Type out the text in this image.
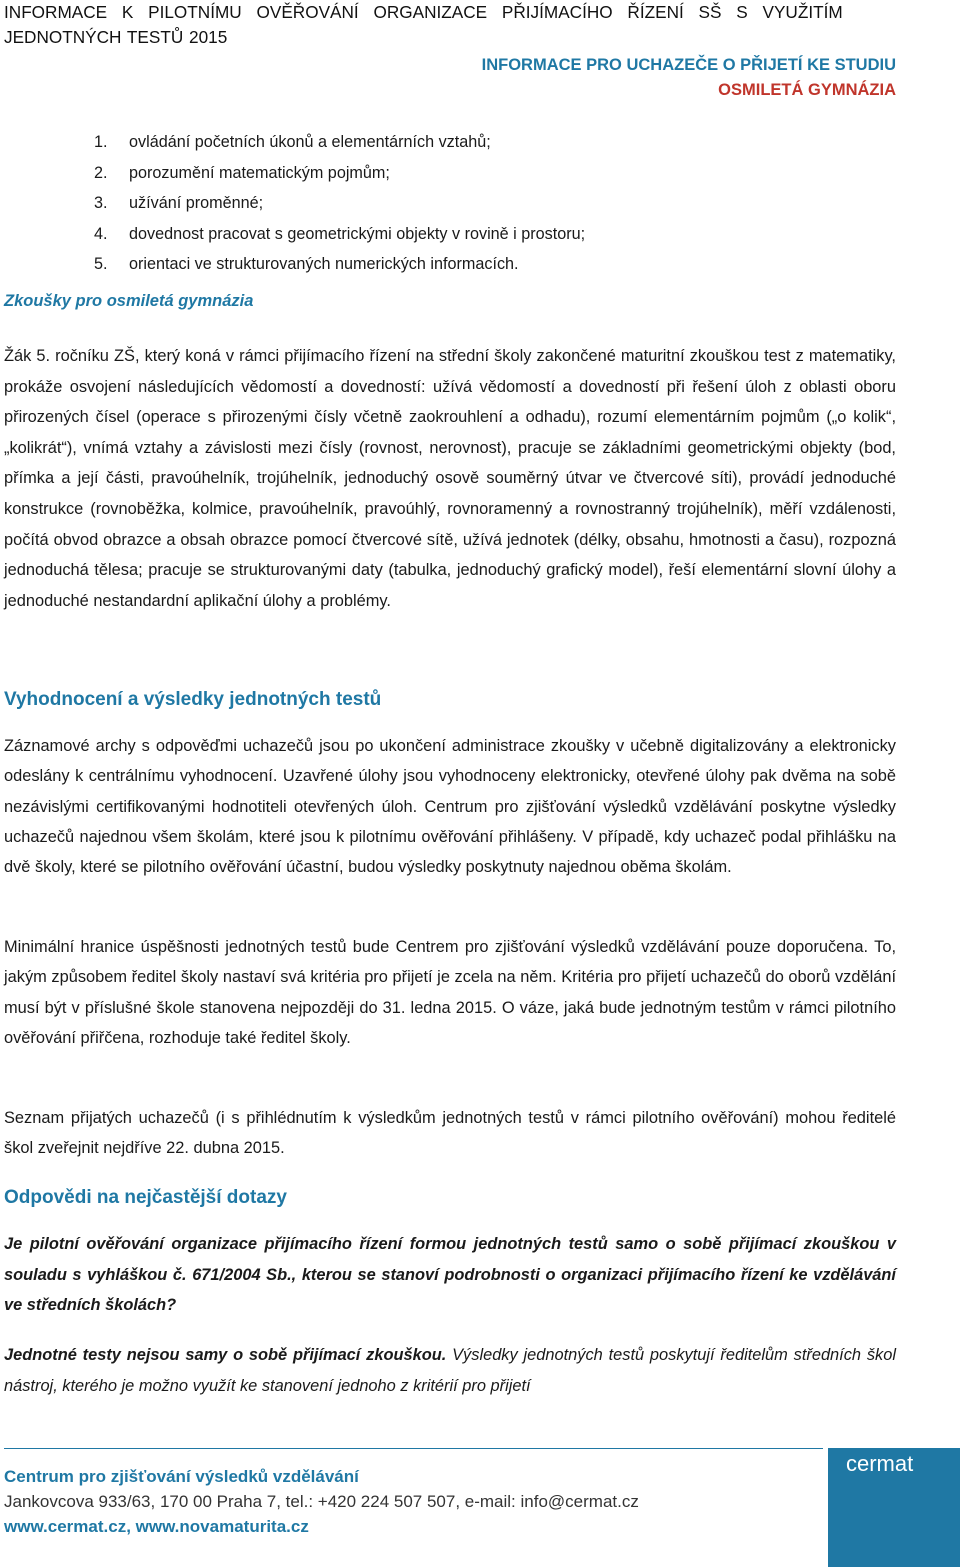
INFORMACE K PILOTNÍMU OVĚŘOVÁNÍ ORGANIZACE PŘIJÍMACÍHO ŘÍZENÍ SŠ S VYUŽITÍM
JEDNOTNÝCH TESTŮ 2015
INFORMACE PRO UCHAZEČE O PŘIJETÍ KE STUDIU
OSMILETÁ GYMNÁZIA
1. ovládání početních úkonů a elementárních vztahů;
2. porozumění matematickým pojmům;
3. užívání proměnné;
4. dovednost pracovat s geometrickými objekty v rovině i prostoru;
5. orientaci ve strukturovaných numerických informacích.
Zkoušky pro osmiletá gymnázia

Žák 5. ročníku ZŠ, který koná v rámci přijímacího řízení na střední školy zakončené maturitní zkouškou test z matematiky, prokáže osvojení následujících vědomostí a dovedností: užívá vědomostí a dovedností při řešení úloh z oblasti oboru přirozených čísel (operace s přirozenými čísly včetně zaokrouhlení a odhadu), rozumí elementárním pojmům („o kolik“, „kolikrát“), vnímá vztahy a závislosti mezi čísly (rovnost, nerovnost), pracuje se základními geometrickými objekty (bod, přímka a její části, pravoúhelník, trojúhelník, jednoduchý osově souměrný útvar ve čtvercové síti), provádí jednoduché konstrukce (rovnoběžka, kolmice, pravoúhelník, pravoúhlý, rovnoramenný a rovnostranný trojúhelník), měří vzdálenosti, počítá obvod obrazce a obsah obrazce pomocí čtvercové sítě, užívá jednotek (délky, obsahu, hmotnosti a času), rozpozná jednoduchá tělesa; pracuje se strukturovanými daty (tabulka, jednoduchý grafický model), řeší elementární slovní úlohy a jednoduché nestandardní aplikační úlohy a problémy.

Vyhodnocení a výsledky jednotných testů

Záznamové archy s odpověďmi uchazečů jsou po ukončení administrace zkoušky v učebně digitalizovány a elektronicky odeslány k centrálnímu vyhodnocení. Uzavřené úlohy jsou vyhodnoceny elektronicky, otevřené úlohy pak dvěma na sobě nezávislými certifikovanými hodnotiteli otevřených úloh. Centrum pro zjišťování výsledků vzdělávání poskytne výsledky uchazečů najednou všem školám, které jsou k pilotnímu ověřování přihlášeny. V případě, kdy uchazeč podal přihlášku na dvě školy, které se pilotního ověřování účastní, budou výsledky poskytnuty najednou oběma školám.

Minimální hranice úspěšnosti jednotných testů bude Centrem pro zjišťování výsledků vzdělávání pouze doporučena. To, jakým způsobem ředitel školy nastaví svá kritéria pro přijetí je zcela na něm. Kritéria pro přijetí uchazečů do oborů vzdělání musí být v příslušné škole stanovena nejpozději do 31. ledna 2015. O váze, jaká bude jednotným testům v rámci pilotního ověřování přiřčena, rozhoduje také ředitel školy.

Seznam přijatých uchazečů (i s přihlédnutím k výsledkům jednotných testů v rámci pilotního ověřování) mohou ředitelé škol zveřejnit nejdříve 22. dubna 2015.

Odpovědi na nejčastější dotazy

Je pilotní ověřování organizace přijímacího řízení formou jednotných testů samo o sobě přijímací zkouškou v souladu s vyhláškou č. 671/2004 Sb., kterou se stanoví podrobnosti o organizaci přijímacího řízení ke vzdělávání ve středních školách?

Jednotné testy nejsou samy o sobě přijímací zkouškou. Výsledky jednotných testů poskytují ředitelům středních škol nástroj, kterého je možno využít ke stanovení jednoho z kritérií pro přijetí

cermat
Centrum pro zjišťování výsledků vzdělávání
Jankovcova 933/63, 170 00 Praha 7, tel.: +420 224 507 507, e-mail: info@cermat.cz
www.cermat.cz, www.novamaturita.cz
